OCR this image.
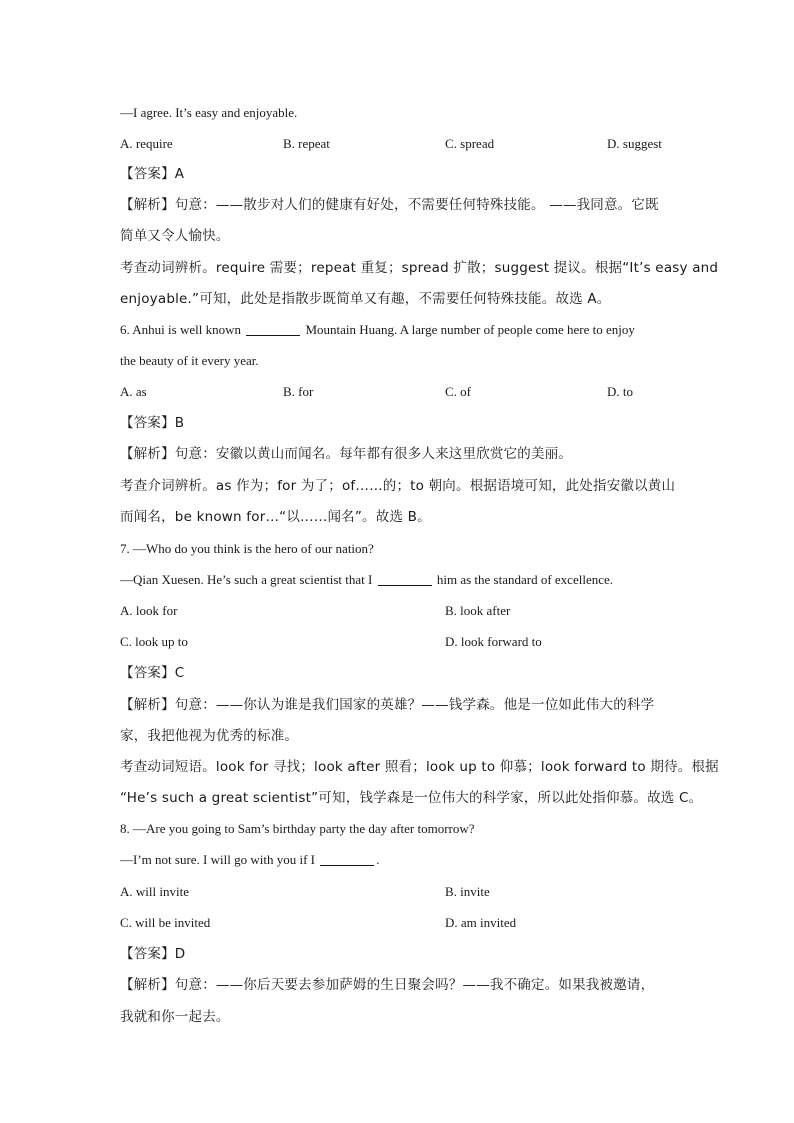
—I agree. It’s easy and enjoyable.
A. require	B. repeat	C. spread	D. suggest
【答案】A
【解析】句意：——散步对人们的健康有好处，不需要任何特殊技能。 ——我同意。它既
简单又令人愉快。
考查动词辨析。require 需要；repeat 重复；spread 扩散；suggest 提议。根据“It’s easy and
enjoyable.”可知，此处是指散步既简单又有趣，不需要任何特殊技能。故选 A。
6. Anhui is well known	Mountain Huang. A large number of people come here to enjoy
the beauty of it every year.
A. as	B. for	C. of	D. to
【答案】B
【解析】句意：安徽以黄山而闻名。每年都有很多人来这里欣赏它的美丽。
考查介词辨析。as 作为；for 为了；of……的；to 朝向。根据语境可知，此处指安徽以黄山
而闻名，be known for…“以……闻名”。故选 B。
7. —Who do you think is the hero of our nation?
—Qian Xuesen. He’s such a great scientist that I	him as the standard of excellence.
A. look for	B. look after
C. look up to	D. look forward to
【答案】C
【解析】句意：——你认为谁是我们国家的英雄？——钱学森。他是一位如此伟大的科学
家，我把他视为优秀的标准。
考查动词短语。look for 寻找；look after 照看；look up to 仰慕；look forward to 期待。根据
“He’s such a great scientist”可知，钱学森是一位伟大的科学家，所以此处指仰慕。故选 C。
8. —Are you going to Sam’s birthday party the day after tomorrow?
—I’m not sure. I will go with you if I	.
A. will invite	B. invite
C. will be invited	D. am invited
【答案】D
【解析】句意：——你后天要去参加萨姆的生日聚会吗？——我不确定。如果我被邀请，
我就和你一起去。
